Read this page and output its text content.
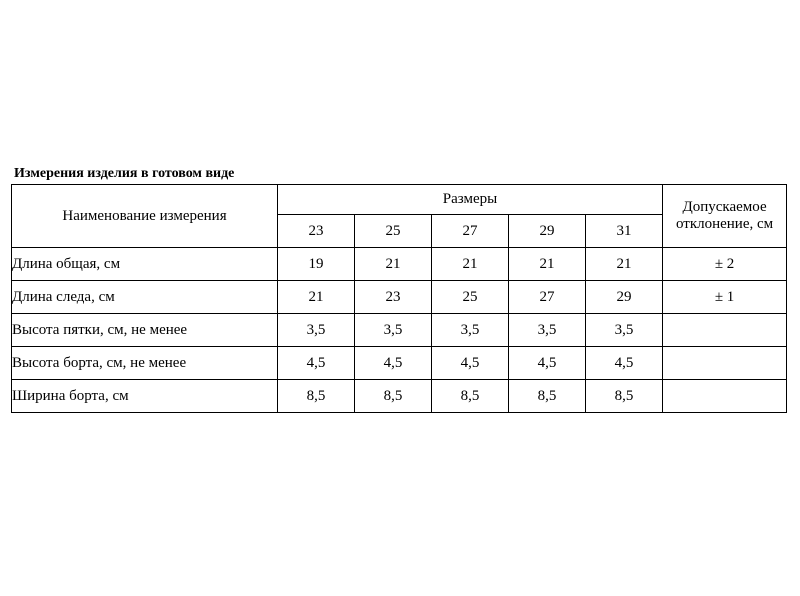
Измерения изделия в готовом виде
Наименование измерения	Размеры					Допускаемое отклонение, см
	23	25	27	29	31	
Длина общая, см	19	21	21	21	21	± 2
Длина следа, см	21	23	25	27	29	± 1
Высота пятки, см, не менее	3,5	3,5	3,5	3,5	3,5	
Высота борта, см, не менее	4,5	4,5	4,5	4,5	4,5	
Ширина борта, см	8,5	8,5	8,5	8,5	8,5	
